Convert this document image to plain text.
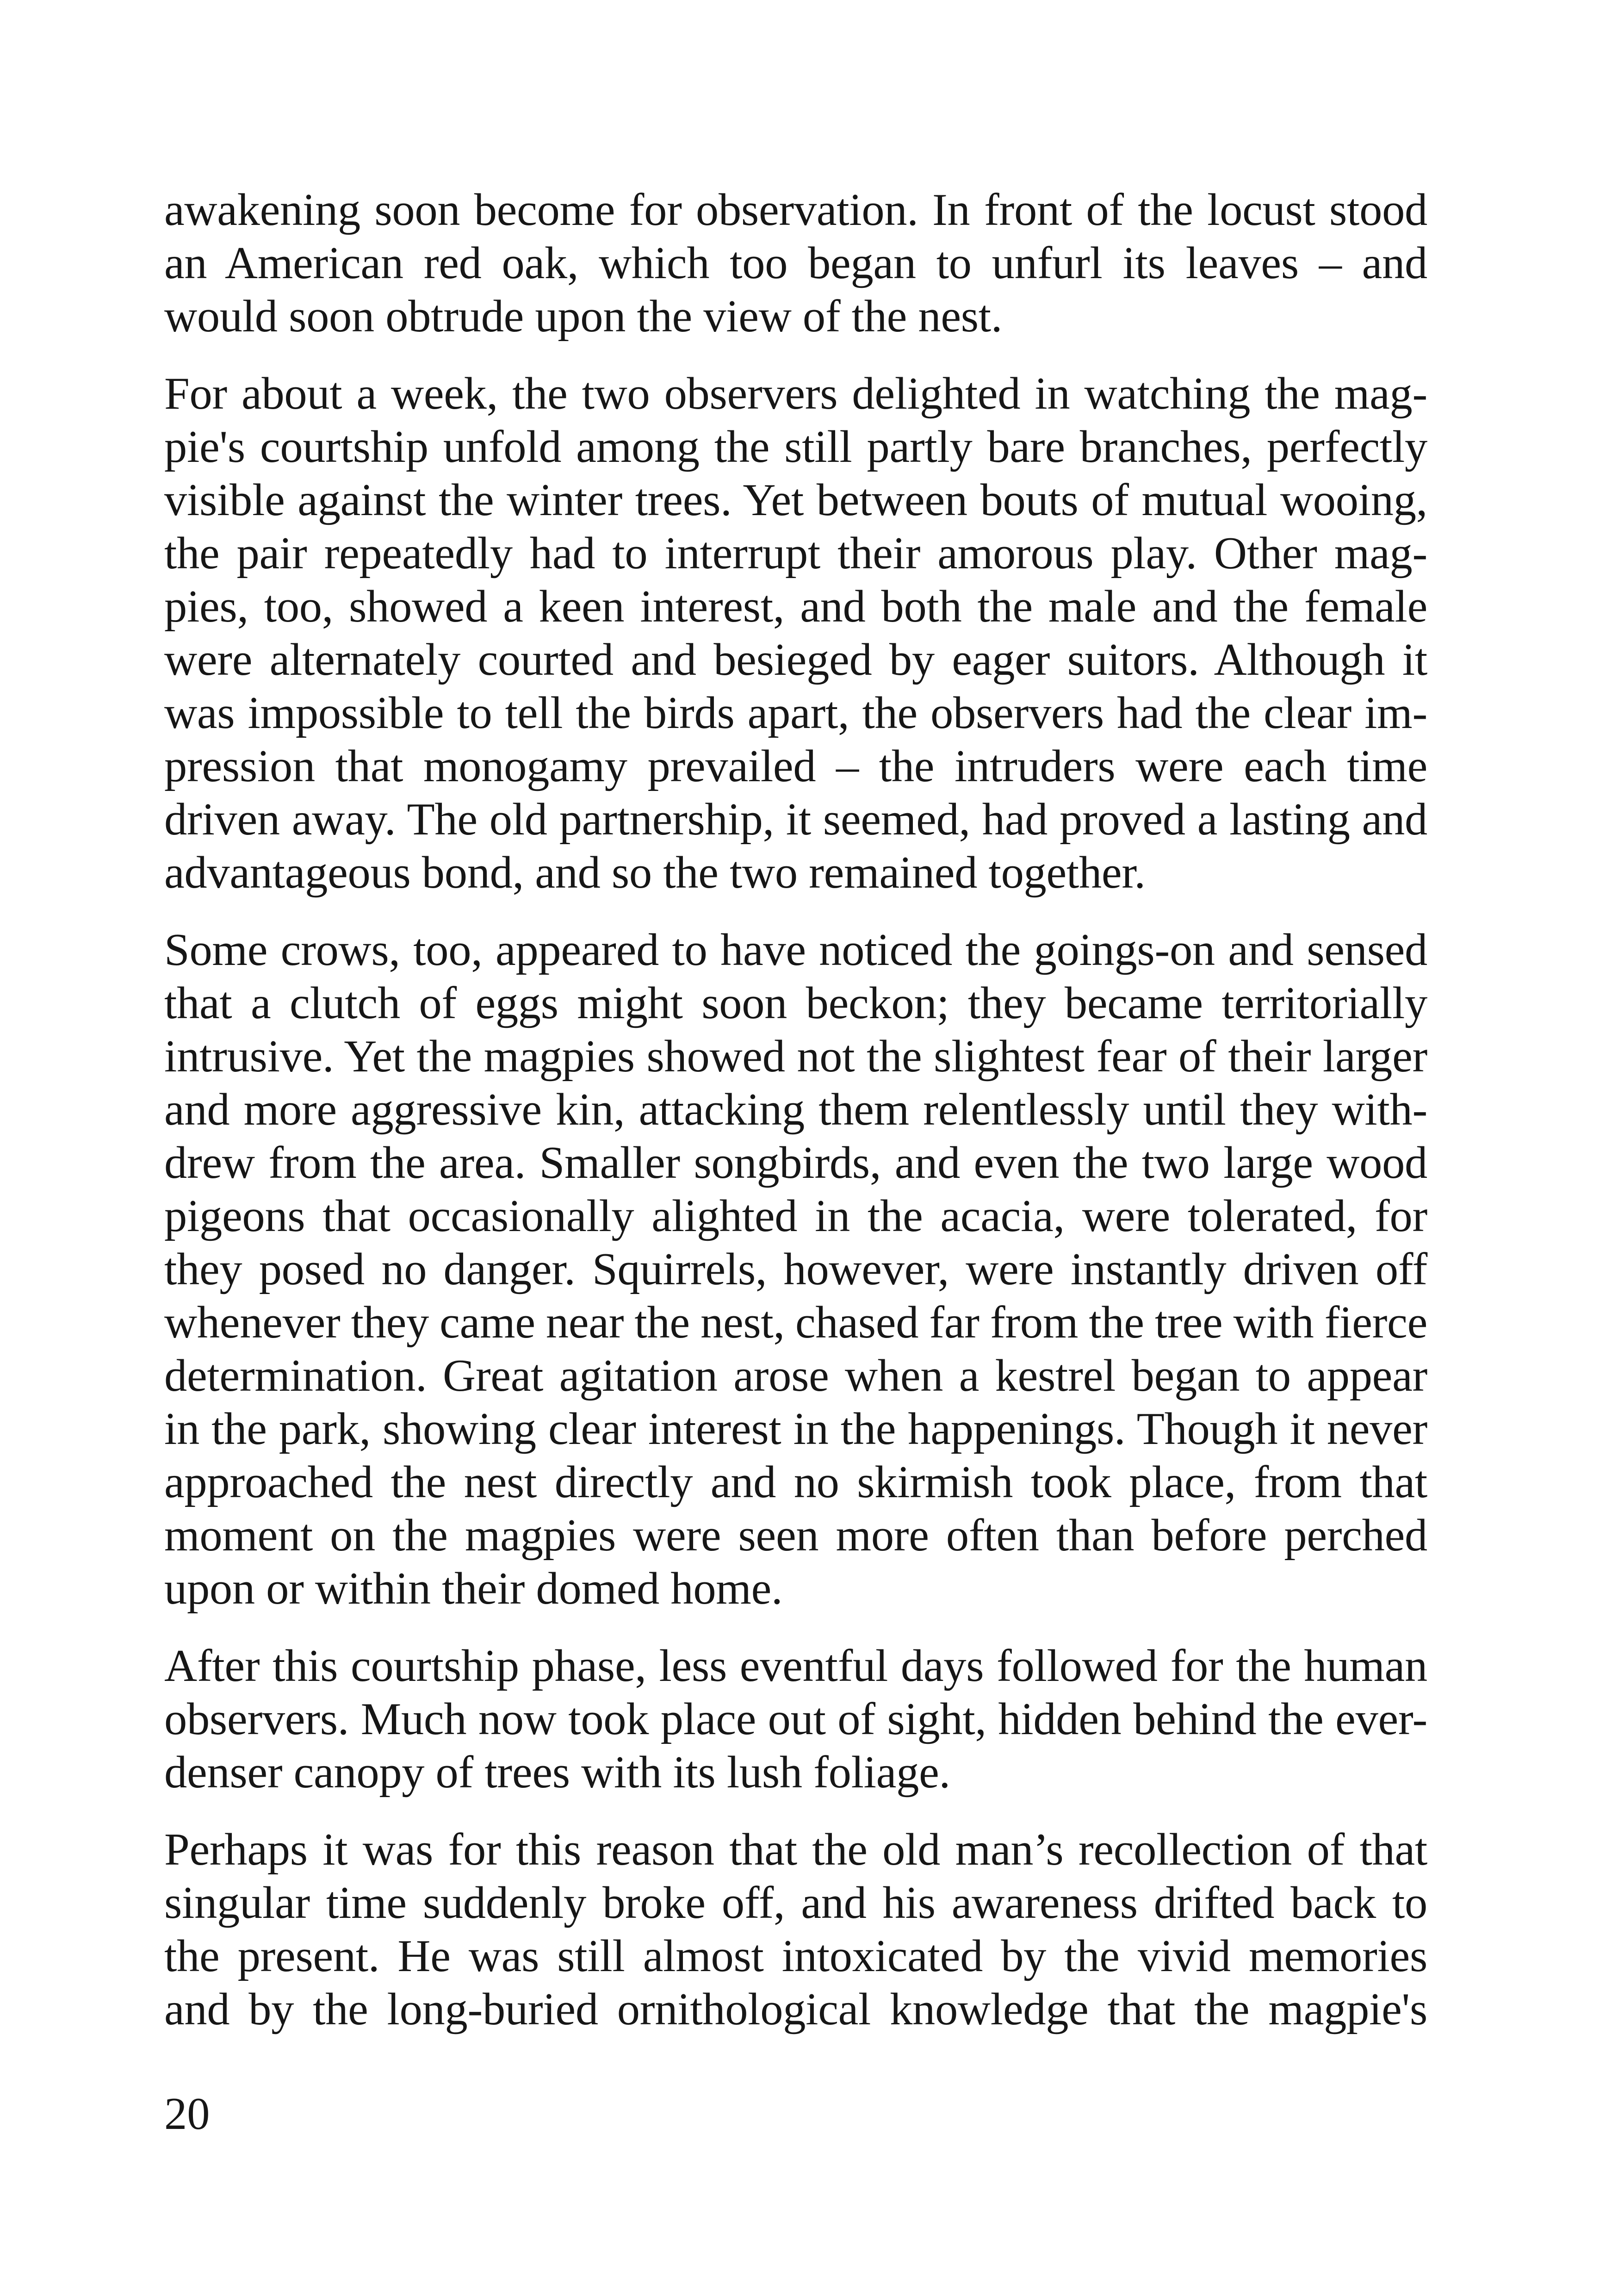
awakening soon become for observation. In front of the locust stood
an American red oak, which too began to unfurl its leaves – and
would soon obtrude upon the view of the nest.

For about a week, the two observers delighted in watching the mag-
pie's courtship unfold among the still partly bare branches, perfectly
visible against the winter trees. Yet between bouts of mutual wooing,
the pair repeatedly had to interrupt their amorous play. Other mag-
pies, too, showed a keen interest, and both the male and the female
were alternately courted and besieged by eager suitors. Although it
was impossible to tell the birds apart, the observers had the clear im-
pression that monogamy prevailed – the intruders were each time
driven away. The old partnership, it seemed, had proved a lasting and
advantageous bond, and so the two remained together.

Some crows, too, appeared to have noticed the goings-on and sensed
that a clutch of eggs might soon beckon; they became territorially
intrusive. Yet the magpies showed not the slightest fear of their larger
and more aggressive kin, attacking them relentlessly until they with-
drew from the area. Smaller songbirds, and even the two large wood
pigeons that occasionally alighted in the acacia, were tolerated, for
they posed no danger. Squirrels, however, were instantly driven off
whenever they came near the nest, chased far from the tree with fierce
determination. Great agitation arose when a kestrel began to appear
in the park, showing clear interest in the happenings. Though it never
approached the nest directly and no skirmish took place, from that
moment on the magpies were seen more often than before perched
upon or within their domed home.

After this courtship phase, less eventful days followed for the human
observers. Much now took place out of sight, hidden behind the ever-
denser canopy of trees with its lush foliage.

Perhaps it was for this reason that the old man’s recollection of that
singular time suddenly broke off, and his awareness drifted back to
the present. He was still almost intoxicated by the vivid memories
and by the long-buried ornithological knowledge that the magpie's

20
